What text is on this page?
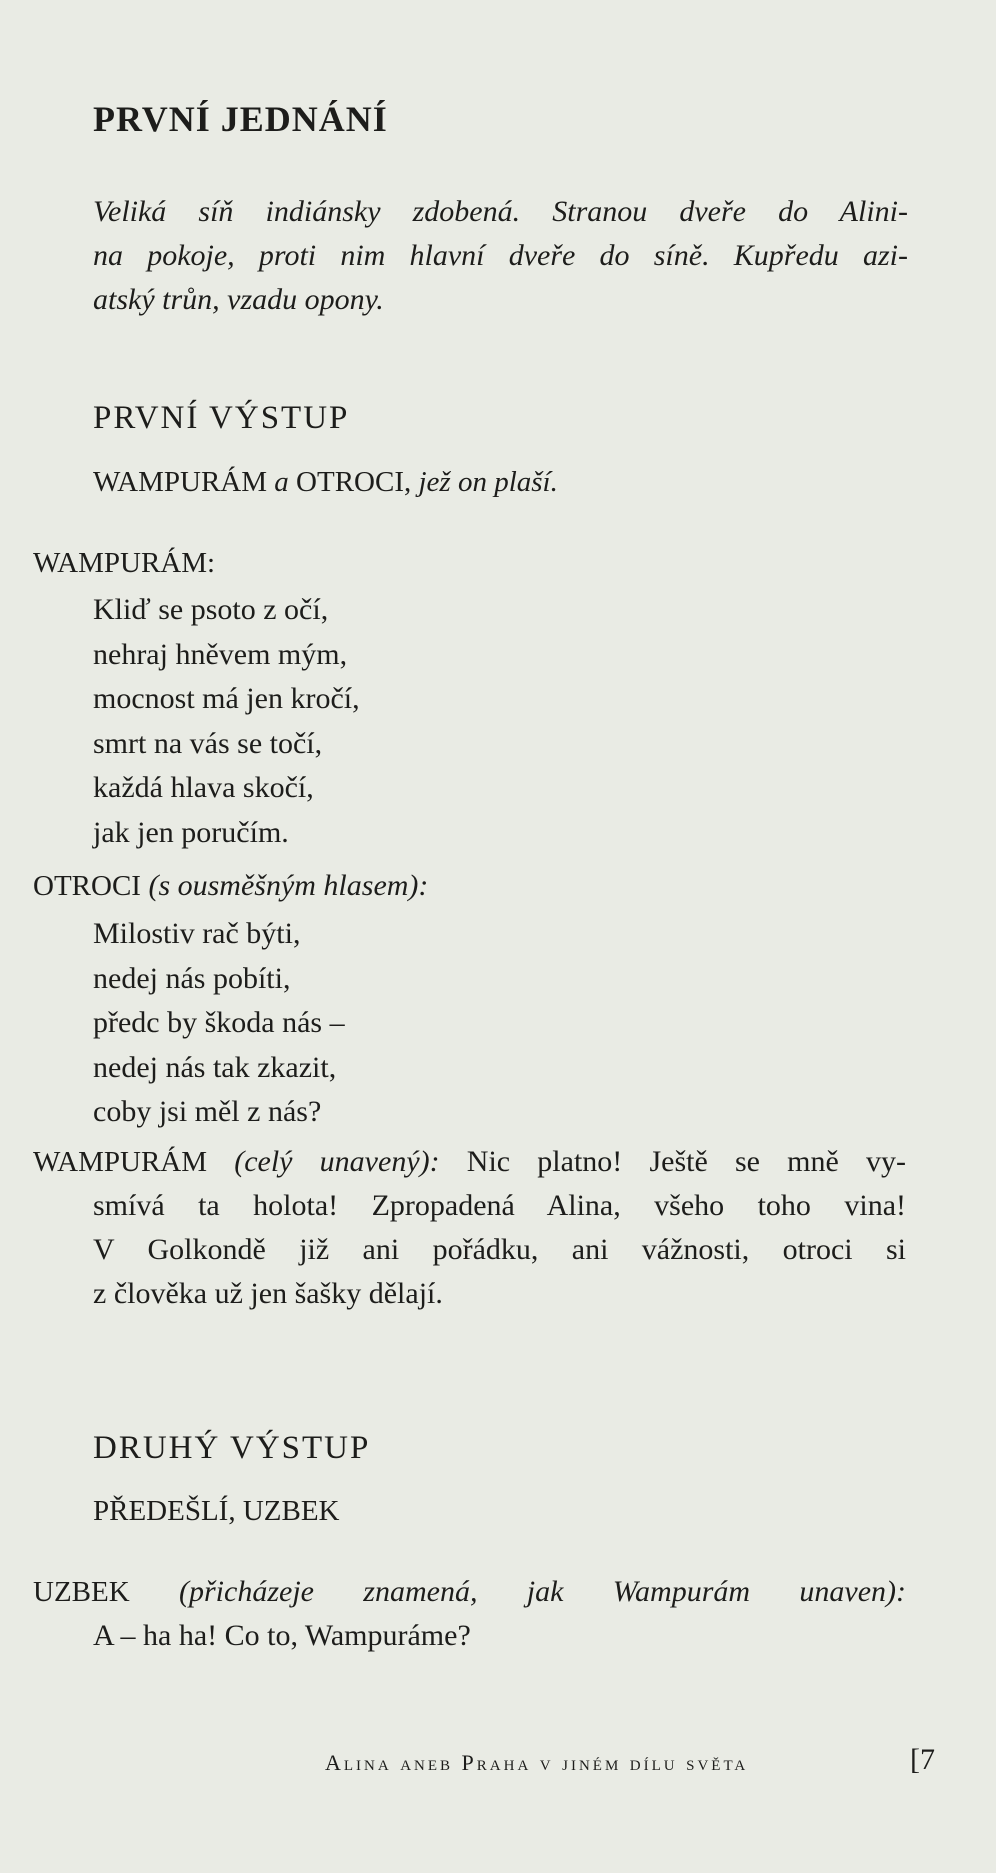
PRVNÍ JEDNÁNÍ

Veliká síň indiánsky zdobená. Stranou dveře do Alini-

na pokoje, proti nim hlavní dveře do síně. Kupředu azi-

atský trůn, vzadu opony.

PRVNÍ VÝSTUP
WAMPURÁM a OTROCI, jež on plaší.
WAMPURÁM:
Kliď se psoto z očí,
nehraj hněvem mým,
mocnost má jen kročí,
smrt na vás se točí,
každá hlava skočí,
jak jen poručím.
OTROCI (s ousměšným hlasem):
Milostiv rač býti,
nedej nás pobíti,
předc by škoda nás –
nedej nás tak zkazit,
coby jsi měl z nás?
WAMPURÁM (celý unavený): Nic platno! Ještě se mně vy-
smívá ta holota! Zpropadená Alina, všeho toho vina!
V Golkondě již ani pořádku, ani vážnosti, otroci si
z člověka už jen šašky dělají.
DRUHÝ VÝSTUP
PŘEDEŠLÍ, UZBEK
UZBEK (přicházeje znamená, jak Wampurám unaven):
A – ha ha! Co to, Wampuráme?
Alina aneb Praha v jiném dílu světa	[7
